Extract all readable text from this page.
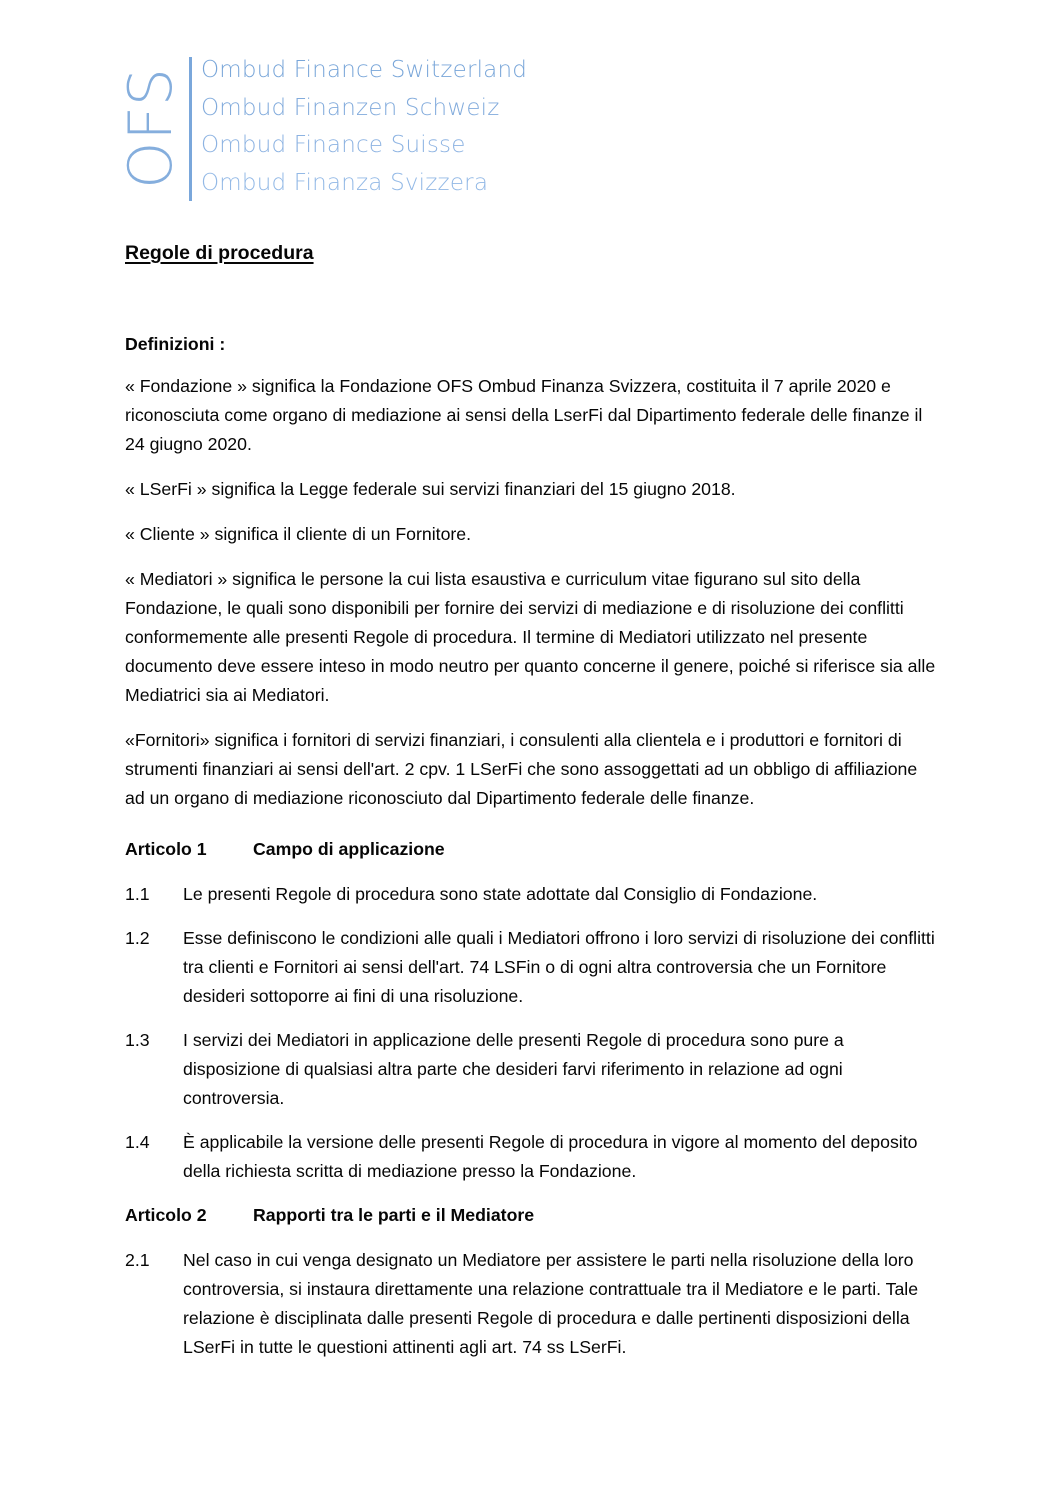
OFS Ombud Finance Switzerland
Ombud Finanzen Schweiz
Ombud Finance Suisse
Ombud Finanza Svizzera
Regole di procedura
Definizioni :

« Fondazione » significa la Fondazione OFS Ombud Finanza Svizzera, costituita il 7 aprile 2020 e riconosciuta come organo di mediazione ai sensi della LserFi dal Dipartimento federale delle finanze il 24 giugno 2020.

« LSerFi » significa la Legge federale sui servizi finanziari del 15 giugno 2018.

« Cliente » significa il cliente di un Fornitore.

« Mediatori » significa le persone la cui lista esaustiva e curriculum vitae figurano sul sito della Fondazione, le quali sono disponibili per fornire dei servizi di mediazione e di risoluzione dei conflitti conformemente alle presenti Regole di procedura. Il termine di Mediatori utilizzato nel presente documento deve essere inteso in modo neutro per quanto concerne il genere, poiché si riferisce sia alle Mediatrici sia ai Mediatori.

«Fornitori» significa i fornitori di servizi finanziari, i consulenti alla clientela e i produttori e fornitori di strumenti finanziari ai sensi dell'art. 2 cpv. 1 LSerFi che sono assoggettati ad un obbligo di affiliazione ad un organo di mediazione riconosciuto dal Dipartimento federale delle finanze.

Articolo 1	Campo di applicazione
1.1	Le presenti Regole di procedura sono state adottate dal Consiglio di Fondazione.
1.2	Esse definiscono le condizioni alle quali i Mediatori offrono i loro servizi di risoluzione dei conflitti tra clienti e Fornitori ai sensi dell'art. 74 LSFin o di ogni altra controversia che un Fornitore desideri sottoporre ai fini di una risoluzione.
1.3	I servizi dei Mediatori in applicazione delle presenti Regole di procedura sono pure a disposizione di qualsiasi altra parte che desideri farvi riferimento in relazione ad ogni controversia.
1.4	È applicabile la versione delle presenti Regole di procedura in vigore al momento del deposito della richiesta scritta di mediazione presso la Fondazione.
Articolo 2	Rapporti tra le parti e il Mediatore
2.1	Nel caso in cui venga designato un Mediatore per assistere le parti nella risoluzione della loro controversia, si instaura direttamente una relazione contrattuale tra il Mediatore e le parti. Tale relazione è disciplinata dalle presenti Regole di procedura e dalle pertinenti disposizioni della LSerFi in tutte le questioni attinenti agli art. 74 ss LSerFi.
